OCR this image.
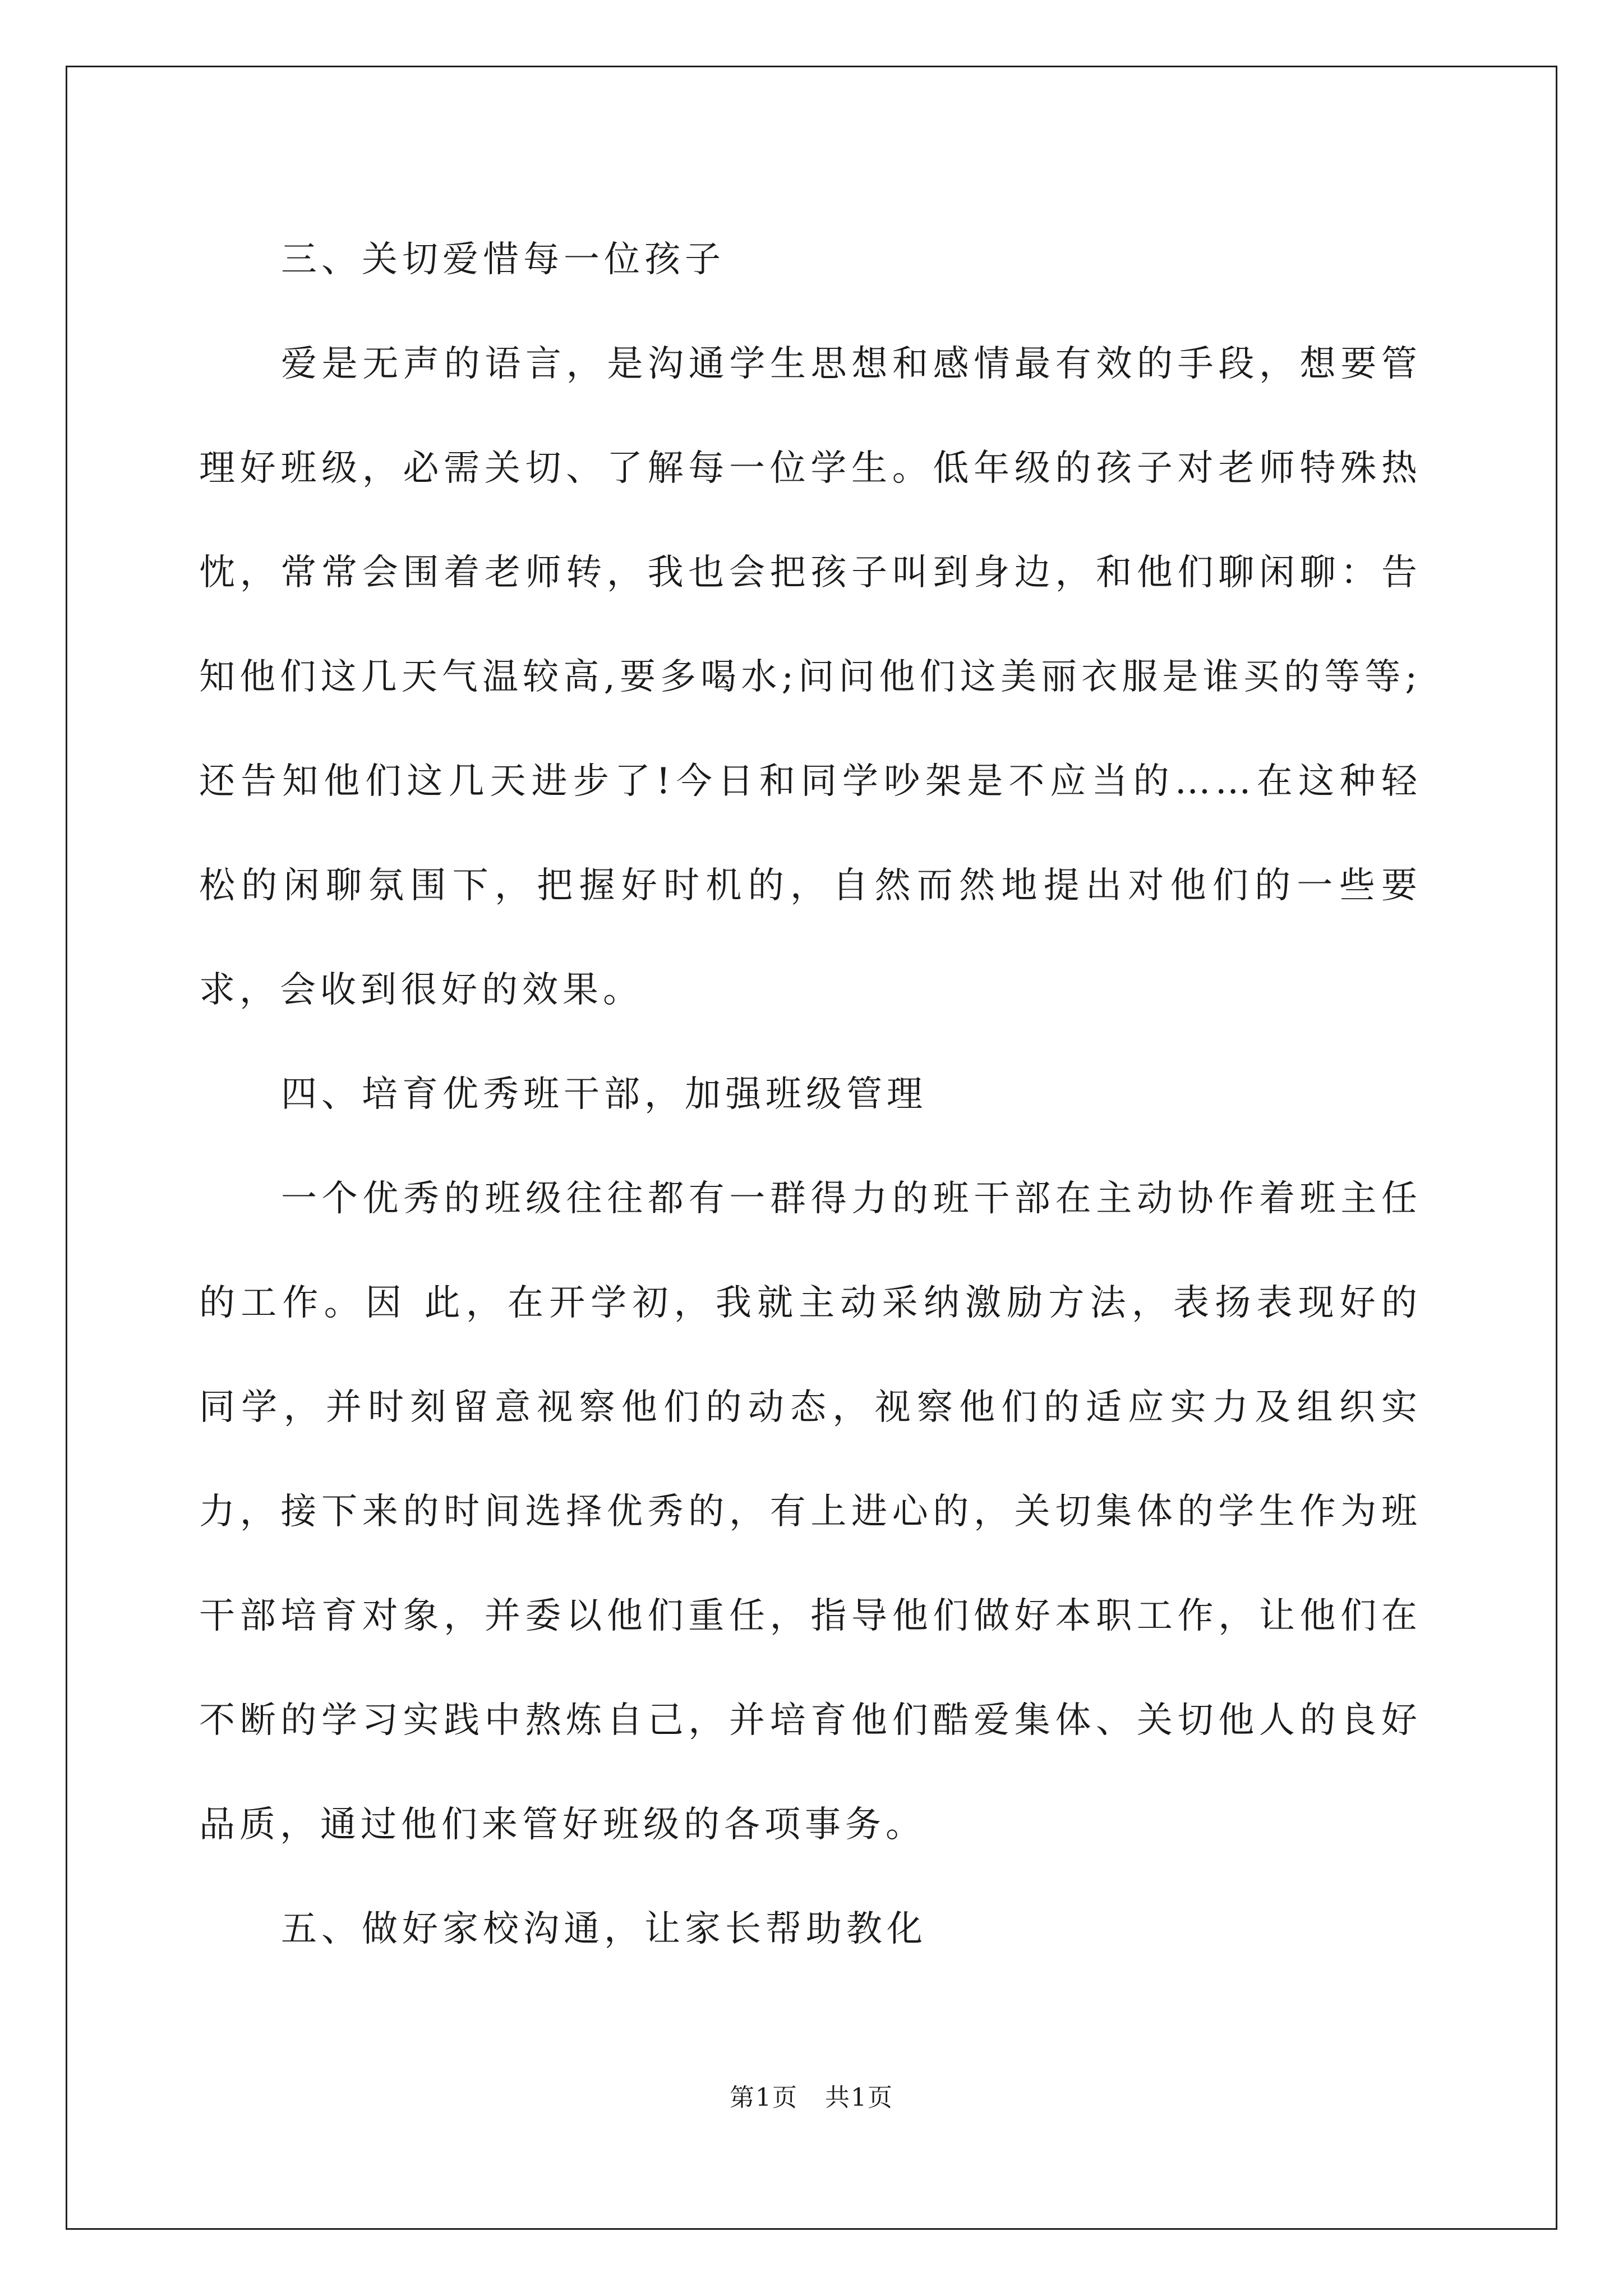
三、关切爱惜每一位孩子

爱是无声的语言，是沟通学生思想和感情最有效的手段，想要管理好班级，必需关切、了解每一位学生。低年级的孩子对老师特殊热忱，常常会围着老师转，我也会把孩子叫到身边，和他们聊闲聊：告知他们这几天气温较高,要多喝水;问问他们这美丽衣服是谁买的等等;还告知他们这几天进步了!今日和同学吵架是不应当的……在这种轻松的闲聊氛围下，把握好时机的，自然而然地提出对他们的一些要求，会收到很好的效果。

四、培育优秀班干部，加强班级管理

一个优秀的班级往往都有一群得力的班干部在主动协作着班主任的工作。因 此，在开学初，我就主动采纳激励方法，表扬表现好的同学，并时刻留意视察他们的动态，视察他们的适应实力及组织实力，接下来的时间选择优秀的，有上进心的，关切集体的学生作为班干部培育对象，并委以他们重任，指导他们做好本职工作，让他们在不断的学习实践中熬炼自己，并培育他们酷爱集体、关切他人的良好品质，通过他们来管好班级的各项事务。

五、做好家校沟通，让家长帮助教化

第1页 共1页
